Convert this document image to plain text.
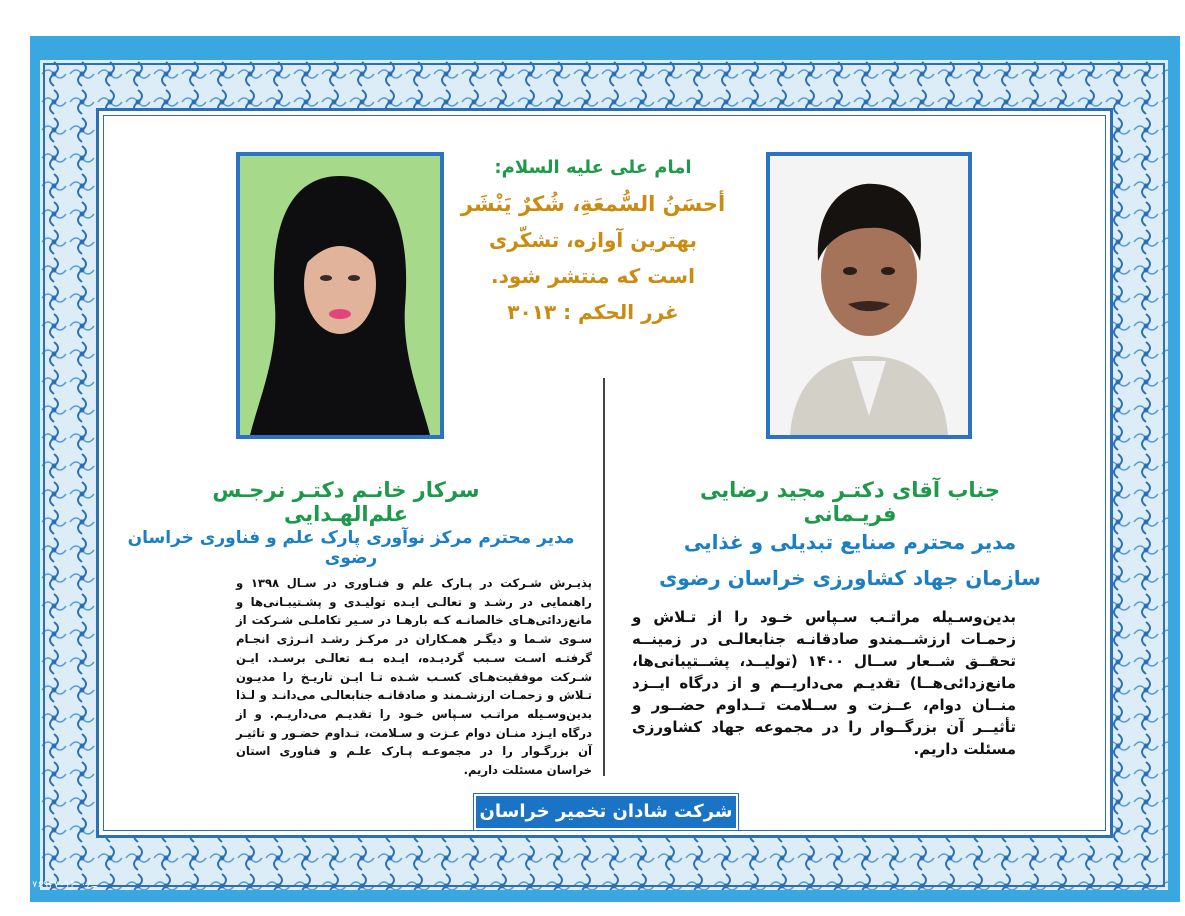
امام علی علیه السلام:
أحسَنُ السُّمعَةِ، شُکرٌ يَنْشَر
بهترین آوازه، تشکّری
است که منتشر شود.
غرر الحکم : ۳۰۱۳
سرکار خانـم دکتـر نرجـس علم‌الهـدایی
مدیر محترم مرکز نوآوری پارک علم و فناوری خراسان رضوی

پذیـرش شـرکت در پـارک علم و فنـاوری در سـال ۱۳۹۸ و راهنمایی در رشـد و تعالـی ایـده تولیـدی و پشـتیبـانی‌ها و مانع‌زدائی‌هـای خالصانـه کـه بارهـا در سـیر تکاملـی شـرکت از سـوی شـما و دیگـر همـکاران در مرکـز رشـد انـرژی انجـام گرفتـه اسـت سـبب گردیـده، ایـده بـه تعالـی برسـد. ایـن شـرکت موفقیت‌هـای کسـب شـده تـا ایـن تاریـخ را مدیـون تـلاش و زحمـات ارزشـمند و صادقانـه جنابعالـی می‌دانـد و لـذا بدین‌وسـیله مراتـب سـپاس خـود را تقدیـم می‌داریـم. و از درگاه ایـزد منـان دوام عـزت و سـلامت، تـداوم حضـور و تاثیـر آن بزرگـوار را در مجموعـه پـارک علـم و فناوری استان خراسان مسئلت داریم.

جناب آقای دکتـر مجید رضایی فریـمانی
مدیر محترم صنایع تبدیلی و غذایی
سازمان جهاد کشاورزی خراسان رضوی

بدین‌وسـیله مراتـب سـپاس خـود را از تـلاش و زحمـات ارزشــمندو صادقانـه جنابعالـی در زمینــه تحقــق شــعار ســال ۱۴۰۰ (تولیــد، پشــتیبانی‌ها، مانع‌زدائی‌هــا) تقدیـم می‌داریــم و از درگاه ایــزد منــان دوام، عــزت و ســلامت تــداوم حضــور و تأثیــر آن بزرگــوار را در مجموعه جهاد کشاورزی مسئلت داریم.

شرکت شادان تخمیر خراسان
ـ/۱۴۰۰-۷۶۹۳۷
